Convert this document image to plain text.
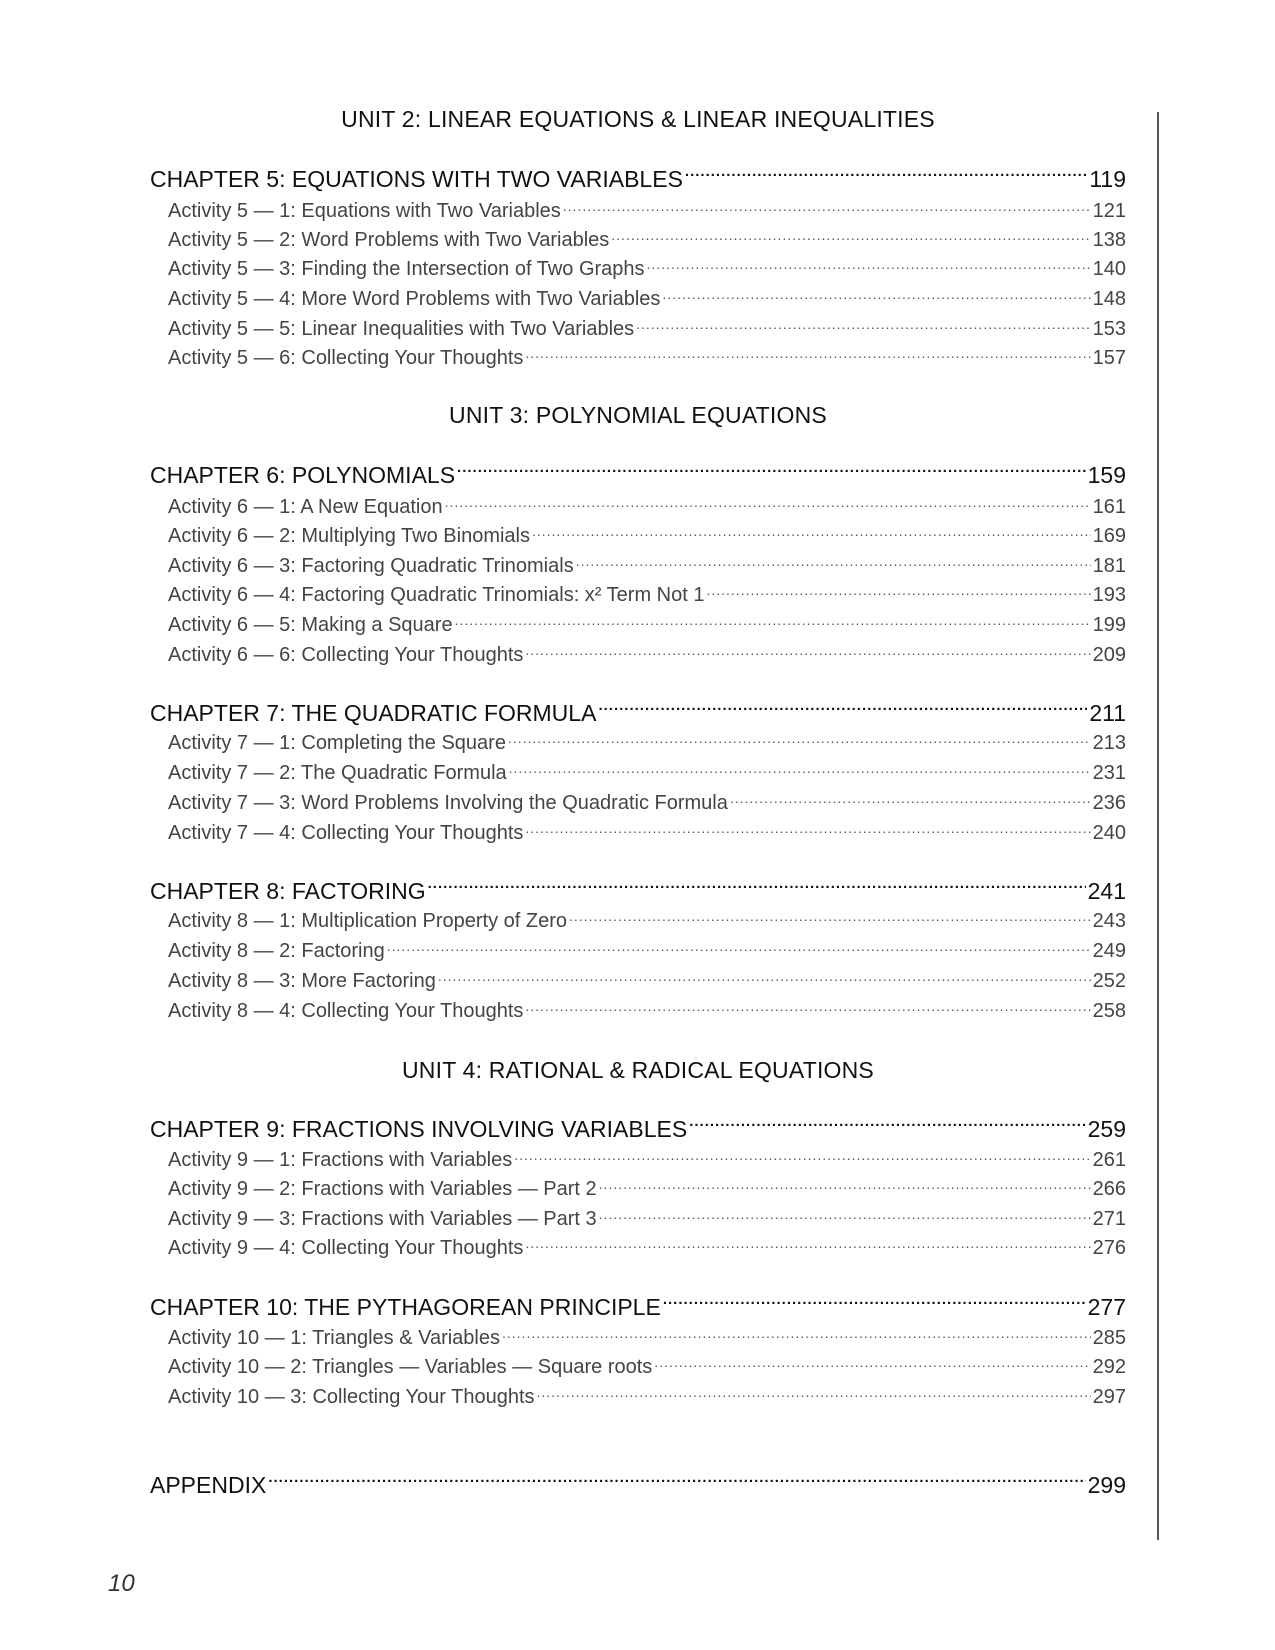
UNIT 2: LINEAR EQUATIONS & LINEAR INEQUALITIES
CHAPTER 5: EQUATIONS WITH TWO VARIABLES .....	119
Activity 5 — 1: Equations with Two Variables .....	121
Activity 5 — 2: Word Problems with Two Variables .....	138
Activity 5 — 3: Finding the Intersection of Two Graphs .....	140
Activity 5 — 4: More Word Problems with Two Variables .....	148
Activity 5 — 5: Linear Inequalities with Two Variables .....	153
Activity 5 — 6: Collecting Your Thoughts .....	157
UNIT 3: POLYNOMIAL EQUATIONS
CHAPTER 6: POLYNOMIALS .....	159
Activity 6 — 1: A New Equation .....	161
Activity 6 — 2: Multiplying Two Binomials .....	169
Activity 6 — 3: Factoring Quadratic Trinomials .....	181
Activity 6 — 4: Factoring Quadratic Trinomials: x² Term Not 1 .....	193
Activity 6 — 5: Making a Square .....	199
Activity 6 — 6: Collecting Your Thoughts .....	209
CHAPTER 7: THE QUADRATIC FORMULA .....	211
Activity 7 — 1: Completing the Square .....	213
Activity 7 — 2: The Quadratic Formula .....	231
Activity 7 — 3: Word Problems Involving the Quadratic Formula .....	236
Activity 7 — 4: Collecting Your Thoughts .....	240
CHAPTER 8: FACTORING .....	241
Activity 8 — 1: Multiplication Property of Zero .....	243
Activity 8 — 2: Factoring .....	249
Activity 8 — 3: More Factoring .....	252
Activity 8 — 4: Collecting Your Thoughts .....	258
UNIT 4: RATIONAL & RADICAL EQUATIONS
CHAPTER 9: FRACTIONS INVOLVING VARIABLES .....	259
Activity 9 — 1: Fractions with Variables .....	261
Activity 9 — 2: Fractions with Variables — Part 2 .....	266
Activity 9 — 3: Fractions with Variables — Part 3 .....	271
Activity 9 — 4: Collecting Your Thoughts .....	276
CHAPTER 10: THE PYTHAGOREAN PRINCIPLE .....	277
Activity 10 — 1: Triangles & Variables .....	285
Activity 10 — 2: Triangles — Variables — Square roots .....	292
Activity 10 — 3: Collecting Your Thoughts .....	297
APPENDIX .....	299
10
